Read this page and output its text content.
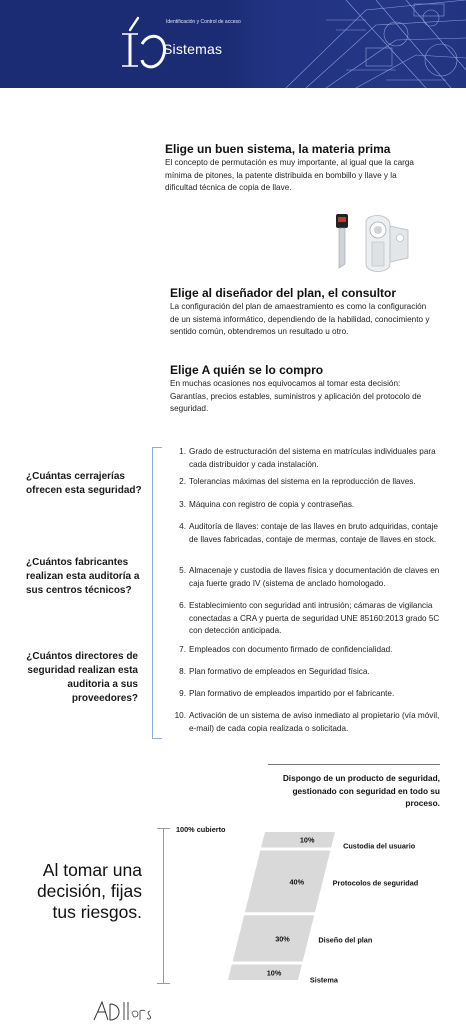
Identificación y Control de acceso
Sistemas
Elige un buen sistema, la materia prima

El concepto de permutación es muy importante, al igual que la carga mínima de pitones, la patente distribuida en bombillo y llave y la dificultad técnica de copia de llave.

Elige al diseñador del plan, el consultor

La configuración del plan de amaestramiento es como la configuración de un sistema informático, dependiendo de la habilidad, conocimiento y sentido común, obtendremos un resultado u otro.

Elige A quién se lo compro

En muchas ocasiones nos equivocamos al tomar esta decisión: Garantías, precios estables, suministros y aplicación del protocolo de seguridad.

¿Cuántas cerrajerías ofrecen esta seguridad?
¿Cuántos fabricantes realizan esta auditoría a sus centros técnicos?
¿Cuántos directores de seguridad realizan esta auditoria a sus proveedores?
1. Grado de estructuración del sistema en matrículas individuales para cada distribuidor y cada instalación.
2. Tolerancias máximas del sistema en la reproducción de llaves.
3. Máquina con registro de copia y contraseñas.
4. Auditoría de llaves: contaje de las llaves en bruto adquiridas, contaje de llaves fabricadas, contaje de mermas, contaje de llaves en stock.
5. Almacenaje y custodia de llaves física y documentación de claves en caja fuerte grado IV (sistema de anclado homologado.
6. Establecimiento con seguridad anti intrusión; cámaras de vigilancia conectadas a CRA y puerta de seguridad UNE 85160:2013 grado 5C con detección anticipada.
7. Empleados con documento firmado de confidencialidad.
8. Plan formativo de empleados en Seguridad física.
9. Plan formativo de empleados impartido por el fabricante.
10. Activación de un sistema de aviso inmediato al propietario (vía móvil, e-mail) de cada copia realizada o solicitada.
Dispongo de un producto de seguridad, gestionado con seguridad en todo su proceso.
Al tomar una decisión, fijas tus riesgos.
100% cubierto
10%
Custodia del usuario
40%	Protocolos de seguridad
30%	Diseño del plan
10%
Sistema
